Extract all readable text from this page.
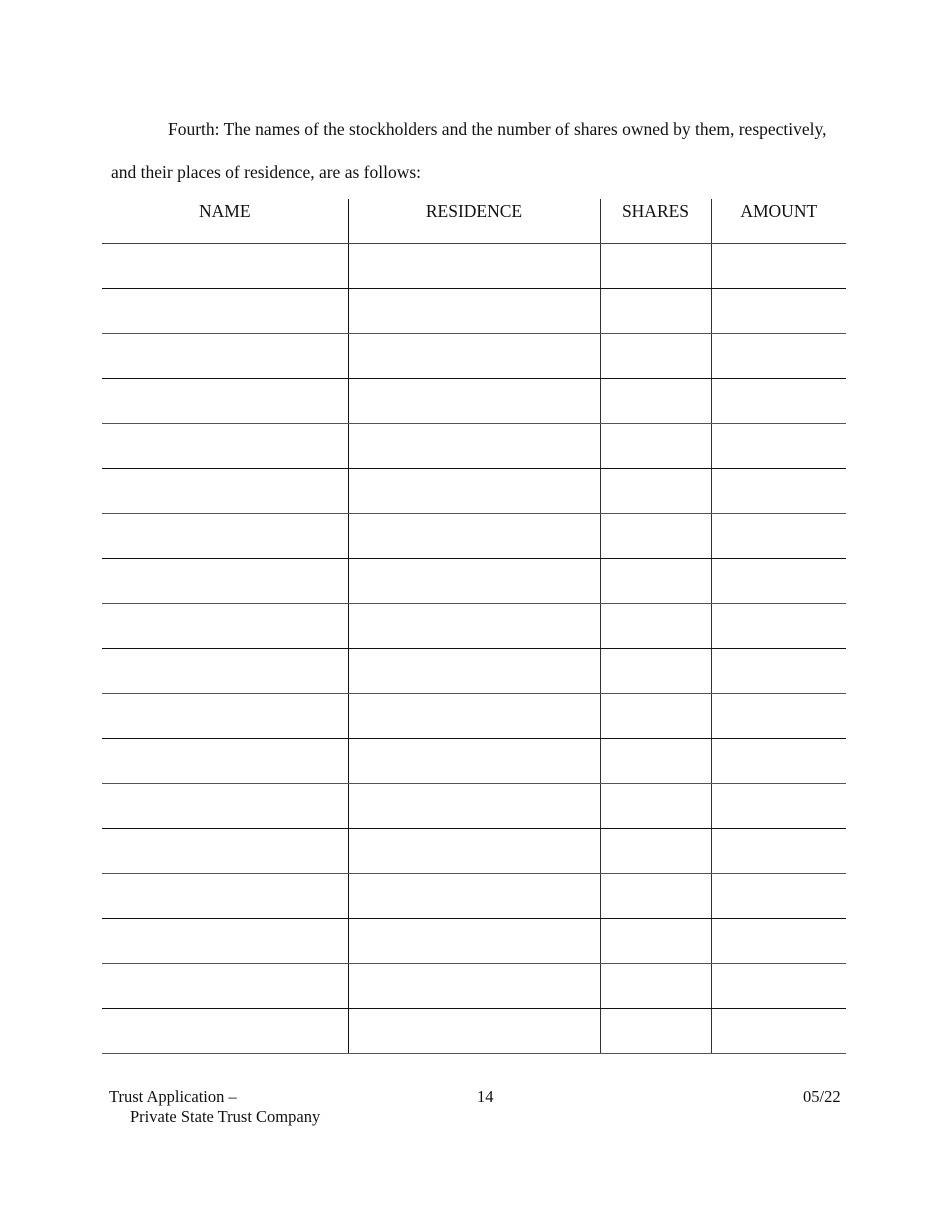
Fourth: The names of the stockholders and the number of shares owned by them, respectively,
and their places of residence, are as follows:
NAME	RESIDENCE	SHARES	AMOUNT

Trust Application –
Private State Trust Company
14	05/22
